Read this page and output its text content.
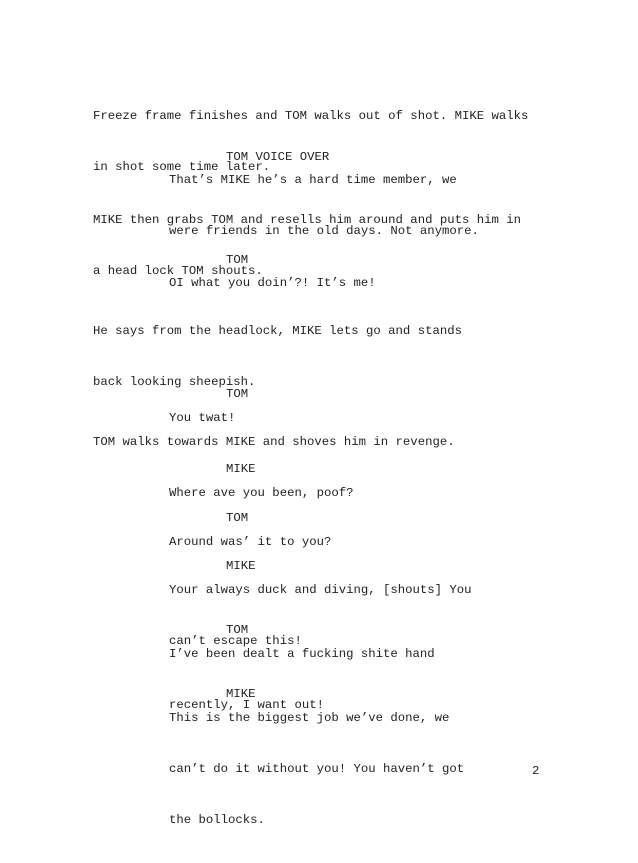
Freeze frame finishes and TOM walks out of shot. MIKE walks

in shot some time later.

TOM VOICE OVER

That’s MIKE he’s a hard time member, we

were friends in the old days. Not anymore.

MIKE then grabs TOM and resells him around and puts him in

a head lock TOM shouts.

TOM

OI what you doin’?! It’s me!

He says from the headlock, MIKE lets go and stands

back looking sheepish.

TOM

You twat!

TOM walks towards MIKE and shoves him in revenge.

MIKE

Where ave you been, poof?

TOM

Around was’ it to you?

MIKE

Your always duck and diving, [shouts] You

can’t escape this!

TOM

I’ve been dealt a fucking shite hand

recently, I want out!

MIKE

This is the biggest job we’ve done, we

can’t do it without you! You haven’t got

the bollocks.

2
